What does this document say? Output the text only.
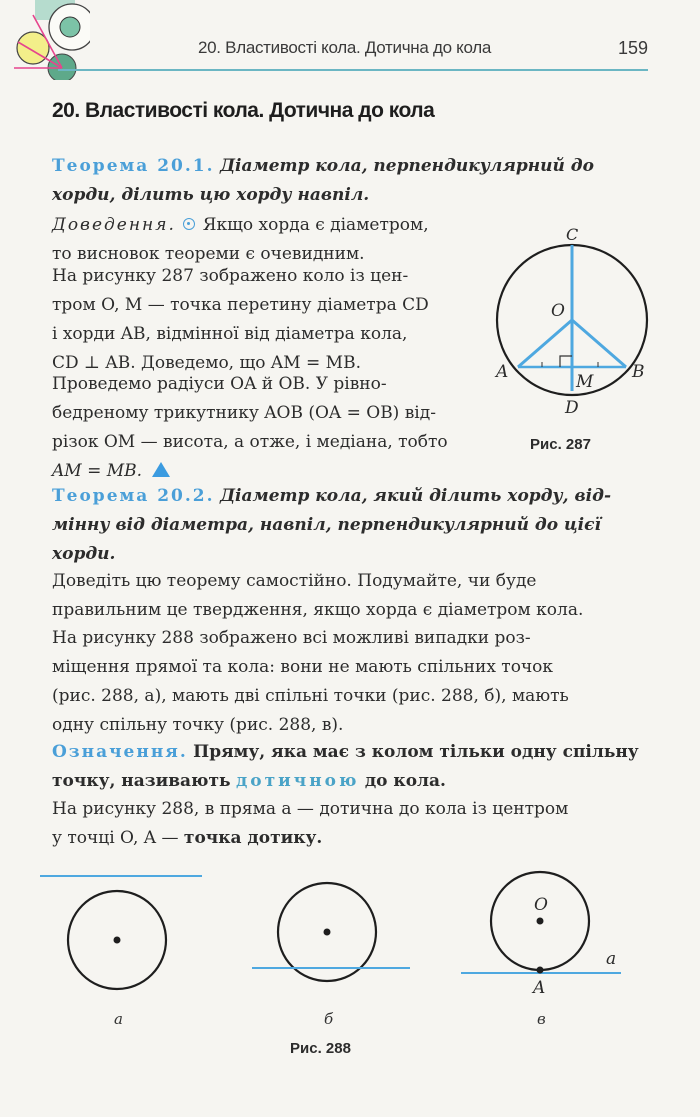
20. Властивості кола. Дотична до кола	159
20. Властивості кола. Дотична до кола
Теорема 20.1. Діаметр кола, перпендикулярний до
хорди, ділить цю хорду навпіл.
Доведення. Якщо хорда є діаметром,
то висновок теореми є очевидним.
На рисунку 287 зображено коло із цен-
тром O, M — точка перетину діаметра CD
і хорди AB, відмінної від діаметра кола,
CD ⊥ AB. Доведемо, що AM = MB.
Проведемо радіуси OA й OB. У рівно-
бедреному трикутнику AOB (OA = OB) від-
різок OM — висота, а отже, і медіана, тобто
AM = MB.
C
O
A	B
M
D
Рис. 287
Теорема 20.2. Діаметр кола, який ділить хорду, від-
мінну від діаметра, навпіл, перпендикулярний до цієї
хорди.
Доведіть цю теорему самостійно. Подумайте, чи буде
правильним це твердження, якщо хорда є діаметром кола.
На рисунку 288 зображено всі можливі випадки роз-
міщення прямої та кола: вони не мають спільних точок
(рис. 288, а), мають дві спільні точки (рис. 288, б), мають
одну спільну точку (рис. 288, в).
Означення. Пряму, яка має з колом тільки одну спільну
точку, називають дотичною до кола.
На рисунку 288, в пряма a — дотична до кола із центром
у точці O, A — точка дотику.
O
A
a
а	б	в
Рис. 288
